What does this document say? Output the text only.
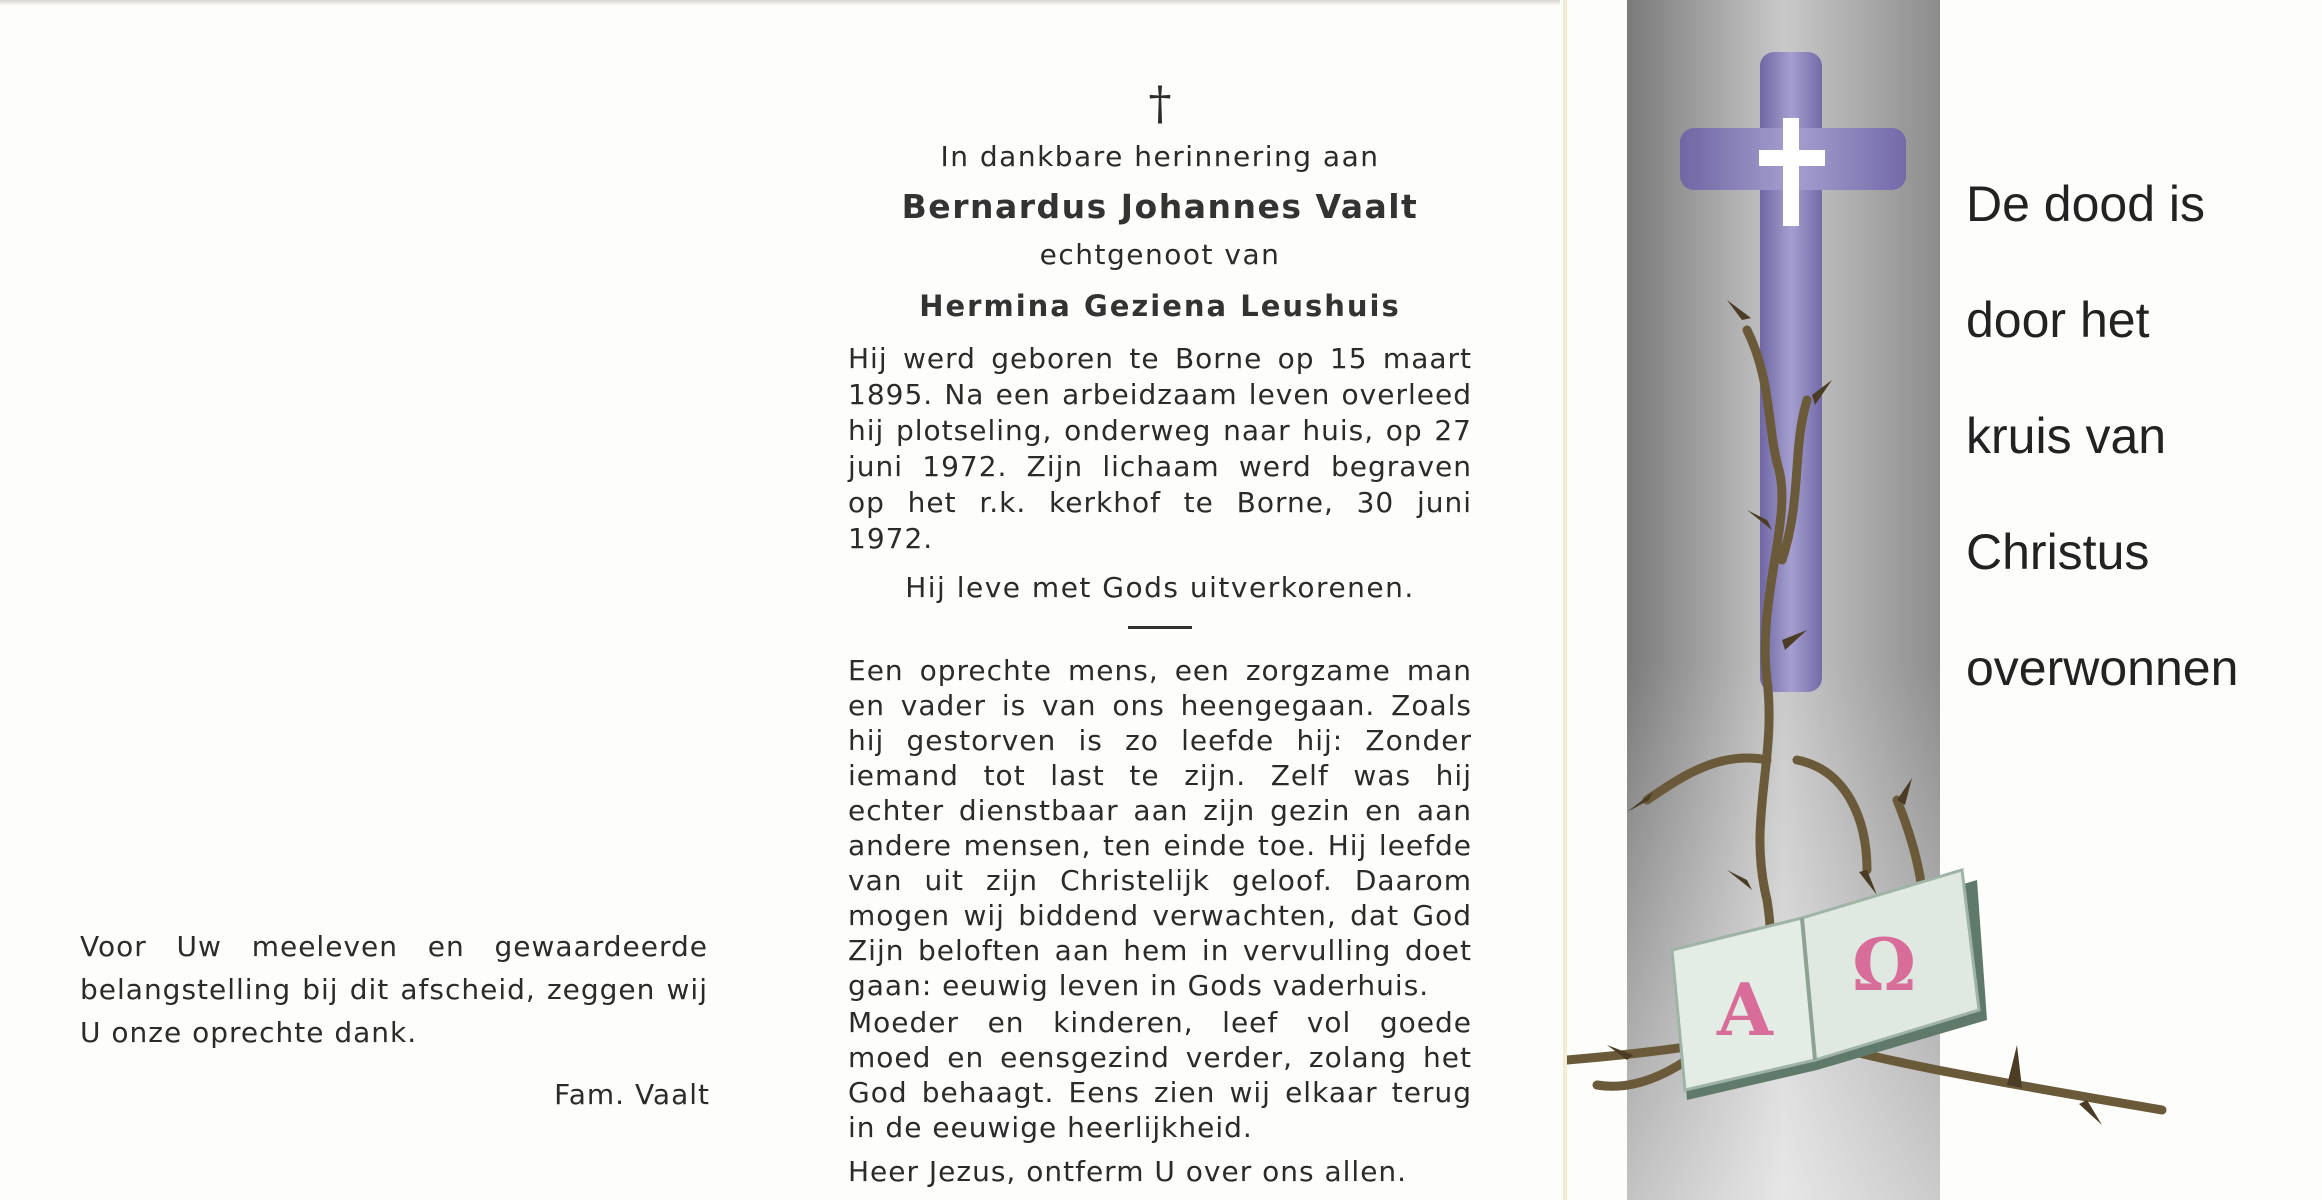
Voor Uw meeleven en gewaardeerde belangstelling bij dit afscheid, zeggen wij U onze oprechte dank.

Fam. Vaalt
†
In dankbare herinnering aan
Bernardus Johannes Vaalt
echtgenoot van
Hermina Geziena Leushuis

Hij werd geboren te Borne op 15 maart

1895. Na een arbeidzaam leven overleed

hij plotseling, onderweg naar huis, op 27

juni 1972. Zijn lichaam werd begraven

op het r.k. kerkhof te Borne, 30 juni 1972.

Hij leve met Gods uitverkorenen.

Een oprechte mens, een zorgzame man en vader is van ons heengegaan. Zoals hij gestorven is zo leefde hij: Zonder iemand tot last te zijn. Zelf was hij echter dienstbaar aan zijn gezin en aan andere mensen, ten einde toe. Hij leefde van uit zijn Christelijk geloof. Daarom mogen wij biddend verwachten, dat God Zijn beloften aan hem in vervulling doet gaan: eeuwig leven in Gods vaderhuis.

Moeder en kinderen, leef vol goede moed en eensgezind verder, zolang het God behaagt. Eens zien wij elkaar terug in de eeuwige heerlijkheid.

Heer Jezus, ontferm U over ons allen.
A
Ω
De dood is
door het
kruis van
Christus
overwonnen
